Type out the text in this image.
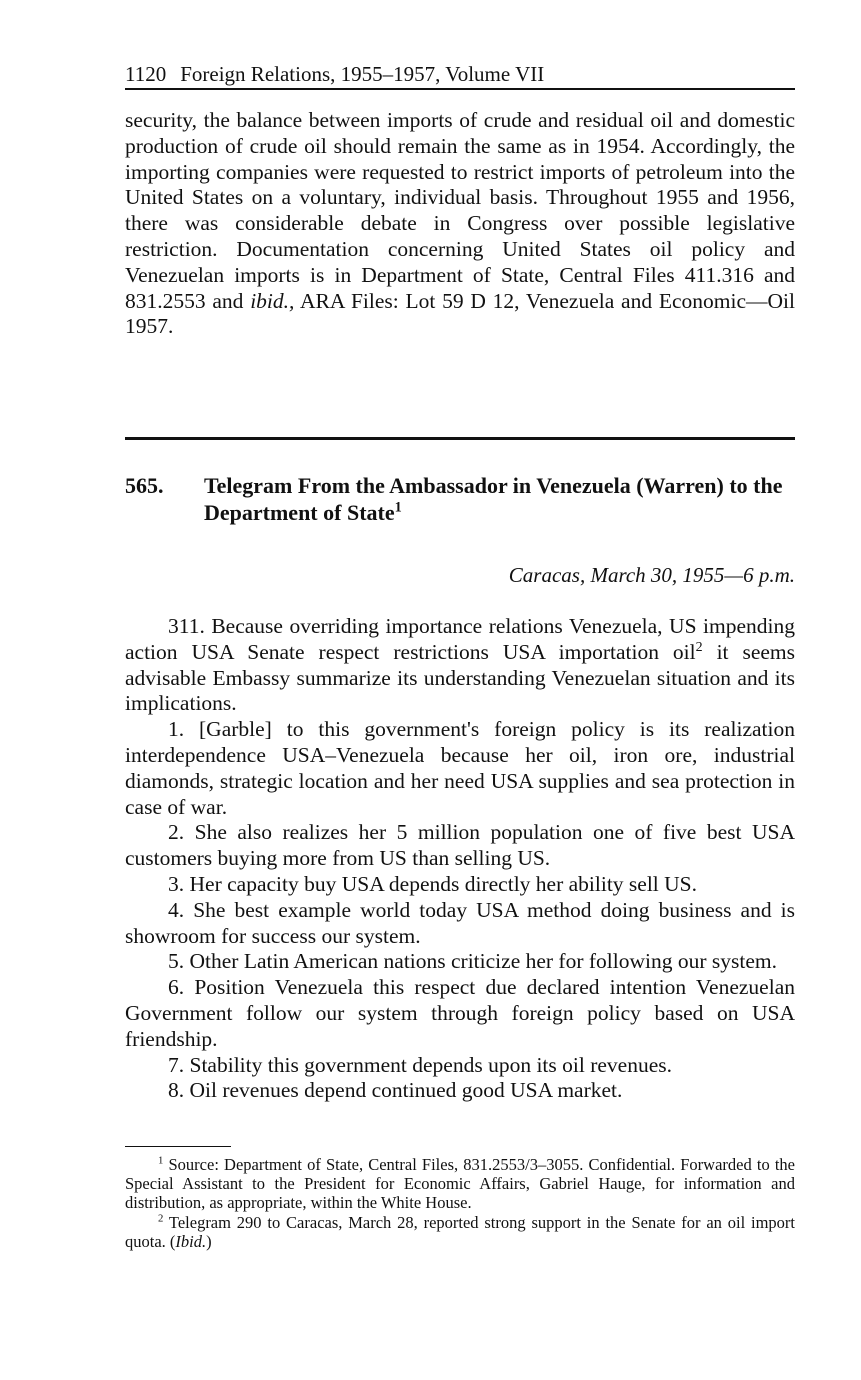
1120 Foreign Relations, 1955–1957, Volume VII

security, the balance between imports of crude and residual oil and domestic production of crude oil should remain the same as in 1954. Accordingly, the importing companies were requested to restrict imports of petroleum into the United States on a voluntary, individual basis. Throughout 1955 and 1956, there was considerable debate in Congress over possible legislative restriction. Documentation concerning United States oil policy and Venezuelan imports is in Department of State, Central Files 411.316 and 831.2553 and ibid., ARA Files: Lot 59 D 12, Venezuela and Economic—Oil 1957.

565. Telegram From the Ambassador in Venezuela (Warren) to the Department of State$^1$
Caracas, March 30, 1955—6 p.m.

311. Because overriding importance relations Venezuela, US impending action USA Senate respect restrictions USA importation oil$^2$ it seems advisable Embassy summarize its understanding Venezuelan situation and its implications.

1. [Garble] to this government's foreign policy is its realization interdependence USA–Venezuela because her oil, iron ore, industrial diamonds, strategic location and her need USA supplies and sea protection in case of war.

2. She also realizes her 5 million population one of five best USA customers buying more from US than selling US.

3. Her capacity buy USA depends directly her ability sell US.

4. She best example world today USA method doing business and is showroom for success our system.

5. Other Latin American nations criticize her for following our system.

6. Position Venezuela this respect due declared intention Venezuelan Government follow our system through foreign policy based on USA friendship.

7. Stability this government depends upon its oil revenues.

8. Oil revenues depend continued good USA market.

$^1$ Source: Department of State, Central Files, 831.2553/3–3055. Confidential. Forwarded to the Special Assistant to the President for Economic Affairs, Gabriel Hauge, for information and distribution, as appropriate, within the White House.

$^2$ Telegram 290 to Caracas, March 28, reported strong support in the Senate for an oil import quota. (Ibid.)
